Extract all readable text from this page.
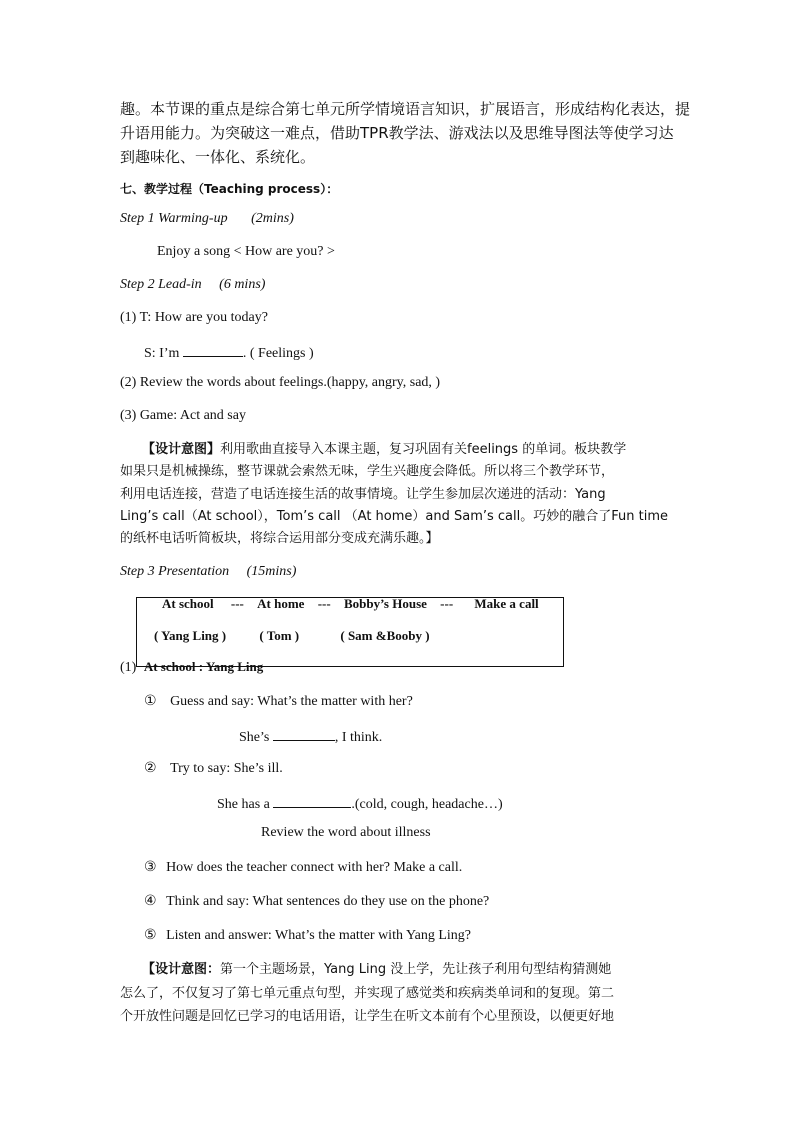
趣。本节课的重点是综合第七单元所学情境语言知识，扩展语言，形成结构化表达，提
升语用能力。为突破这一难点，借助TPR教学法、游戏法以及思维导图法等使学习达
到趣味化、一体化、系统化。
七、教学过程（Teaching process）：
Step 1 Warming-up (2mins)
Enjoy a song < How are you? >
Step 2 Lead-in (6 mins)
(1) T: How are you today?
S: I’m	. ( Feelings )
(2) Review the words about feelings.(happy, angry, sad, )
(3) Game: Act and say
【设计意图】利用歌曲直接导入本课主题，复习巩固有关feelings 的单词。板块教学
如果只是机械操练，整节课就会索然无味，学生兴趣度会降低。所以将三个教学环节，
利用电话连接，营造了电话连接生活的故事情境。让学生参加层次递进的活动：Yang
Ling’s call（At school），Tom’s call （At home）and Sam’s call。巧妙的融合了Fun time
的纸杯电话听简板块，将综合运用部分变成充满乐趣。】
Step 3 Presentation (15mins)
At school --- At home --- Bobby’s House --- Make a call
( Yang Ling )	( Tom )	( Sam &Booby )
(1) At school : Yang Ling
① Guess and say: What’s the matter with her?
She’s	, I think.
② Try to say: She’s ill.
She has a	.(cold, cough, headache…)
Review the word about illness
③ How does the teacher connect with her? Make a call.
④ Think and say: What sentences do they use on the phone?
⑤ Listen and answer: What’s the matter with Yang Ling?
【设计意图：第一个主题场景，Yang Ling 没上学，先让孩子利用句型结构猜测她
怎么了，不仅复习了第七单元重点句型，并实现了感觉类和疾病类单词和的复现。第二
个开放性问题是回忆已学习的电话用语，让学生在听文本前有个心里预设，以便更好地
